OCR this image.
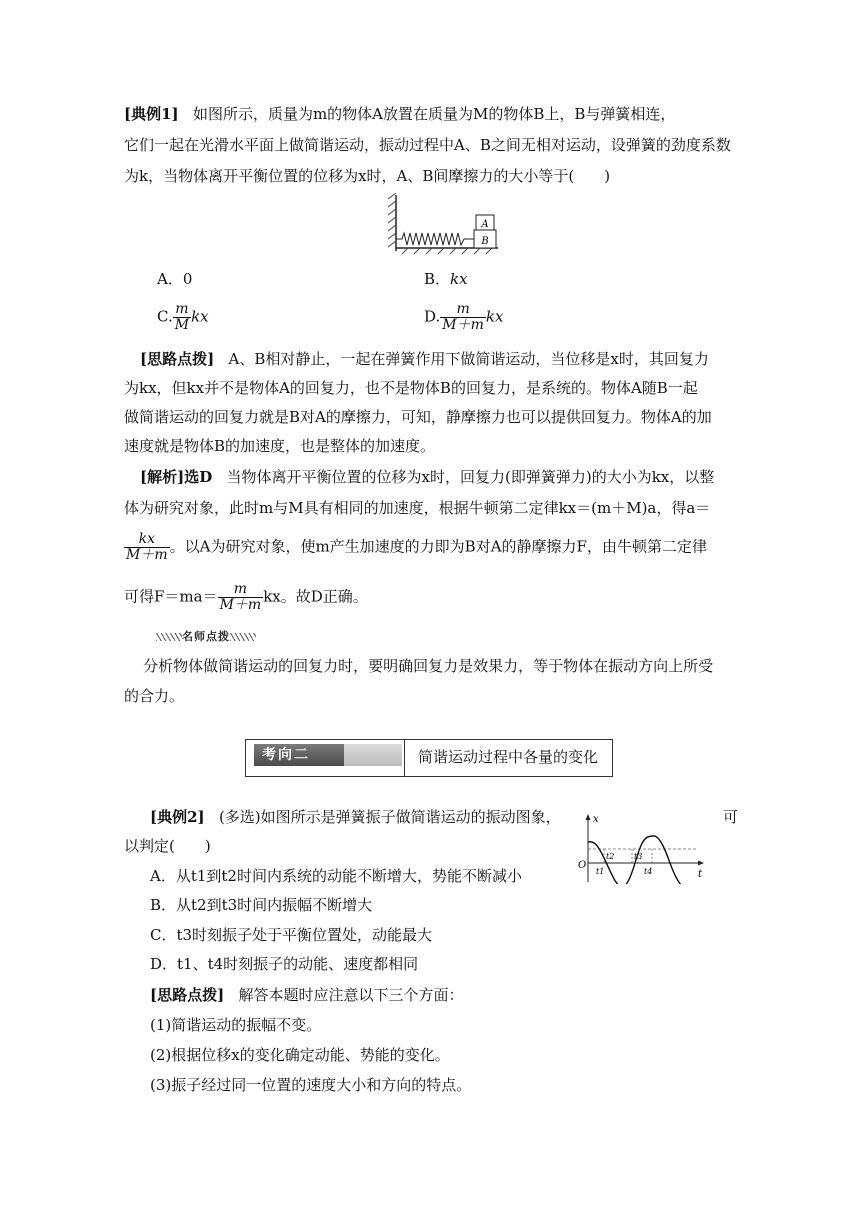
[典例1] 如图所示，质量为m的物体A放置在质量为M的物体B上，B与弹簧相连，
它们一起在光滑水平面上做简谐运动，振动过程中A、B之间无相对运动，设弹簧的劲度系数
为k，当物体离开平衡位置的位移为x时，A、B间摩擦力的大小等于(　　)
A
B
A．0	B．kx
C. $\frac{m}{M}$ kx	D. $\frac{m}{M+m}$ kx
[思路点拨] A、B相对静止，一起在弹簧作用下做简谐运动，当位移是x时，其回复力
为kx，但kx并不是物体A的回复力，也不是物体B的回复力，是系统的。物体A随B一起
做简谐运动的回复力就是B对A的摩擦力，可知，静摩擦力也可以提供回复力。物体A的加
速度就是物体B的加速度，也是整体的加速度。
[解析]选D 当物体离开平衡位置的位移为x时，回复力(即弹簧弹力)的大小为kx，以整
体为研究对象，此时m与M具有相同的加速度，根据牛顿第二定律kx＝(m＋M)a，得a＝
$\frac{kx}{M+m}$ 。以A为研究对象，使m产生加速度的力即为B对A的静摩擦力F，由牛顿第二定律
可得$F=ma= \frac{m}{M+m}$ kx。故D正确。
名师点拨
分析物体做简谐运动的回复力时，要明确回复力是效果力，等于物体在振动方向上所受
的合力。
考向二	简谐运动过程中各量的变化
[典例2] (多选)如图所示是弹簧振子做简谐运动的振动图象，	可
以判定(　　)
x
t
O
t1
t2 t3
t4
A．从t1到t2时间内系统的动能不断增大，势能不断减小
B．从t2到t3时间内振幅不断增大
C．t3时刻振子处于平衡位置处，动能最大
D．t1、t4时刻振子的动能、速度都相同
[思路点拨] 解答本题时应注意以下三个方面：
(1)简谐运动的振幅不变。
(2)根据位移x的变化确定动能、势能的变化。
(3)振子经过同一位置的速度大小和方向的特点。
